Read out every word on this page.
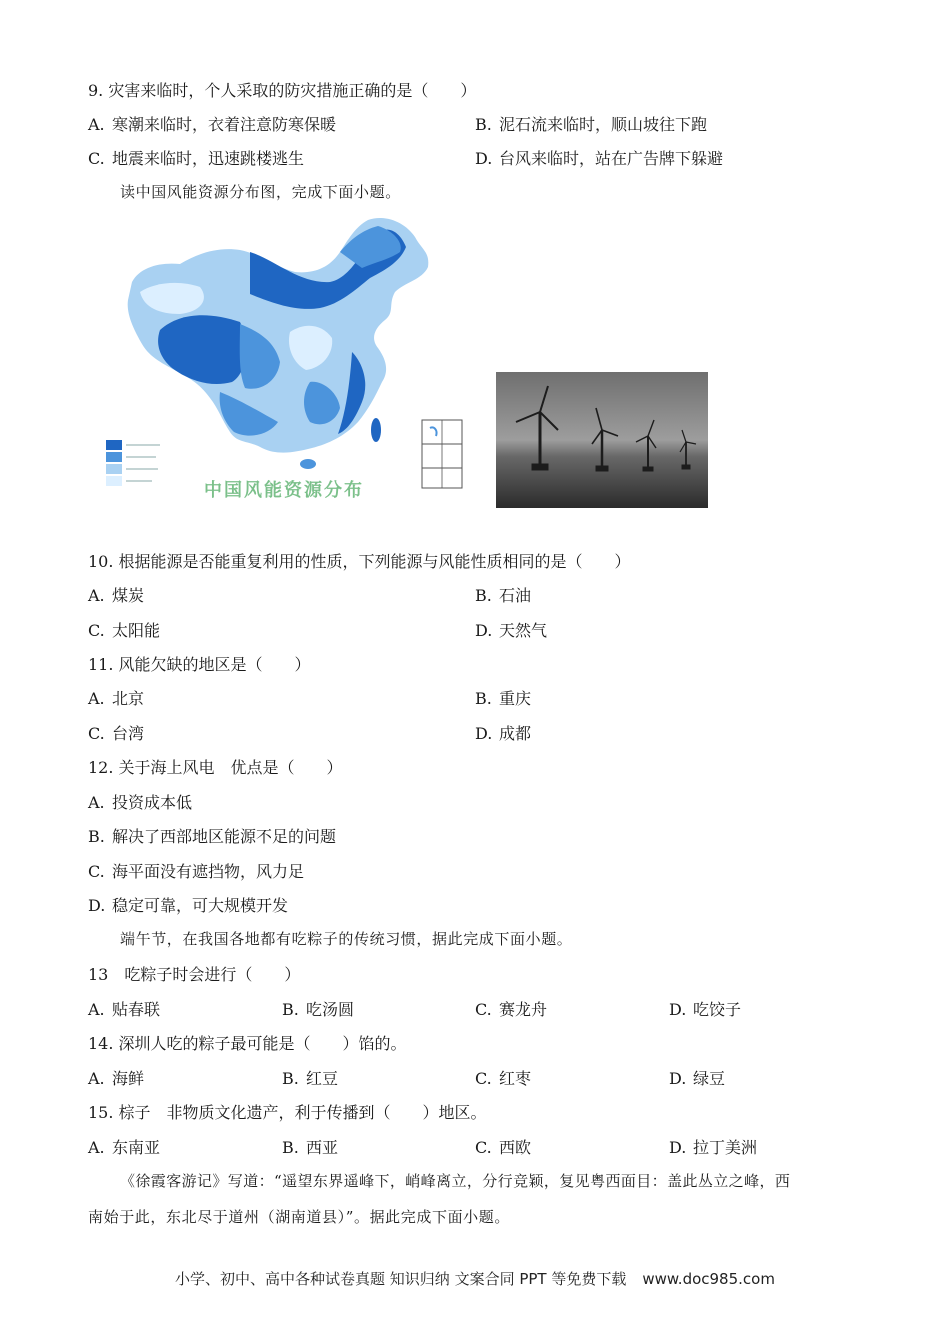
9. 灾害来临时，个人采取的防灾措施正确的是（　　）
A. 寒潮来临时，衣着注意防寒保暖	B. 泥石流来临时，顺山坡往下跑
C. 地震来临时，迅速跳楼逃生	D. 台风来临时，站在广告牌下躲避
读中国风能资源分布图，完成下面小题。
中国风能资源分布
10. 根据能源是否能重复利用的性质，下列能源与风能性质相同的是（　　）
A. 煤炭	B. 石油
C. 太阳能	D. 天然气
11. 风能欠缺的地区是（　　）
A. 北京	B. 重庆
C. 台湾	D. 成都
12. 关于海上风电　优点是（　　）
A. 投资成本低
B. 解决了西部地区能源不足的问题
C. 海平面没有遮挡物，风力足
D. 稳定可靠，可大规模开发
端午节，在我国各地都有吃粽子的传统习惯，据此完成下面小题。
13　吃粽子时会进行（　　）
A. 贴春联	B. 吃汤圆	C. 赛龙舟	D. 吃饺子
14. 深圳人吃的粽子最可能是（　　）馅的。
A. 海鲜	B. 红豆	C. 红枣	D. 绿豆
15. 棕子　非物质文化遗产，利于传播到（　　）地区。
A. 东南亚	B. 西亚	C. 西欧	D. 拉丁美洲
《徐霞客游记》写道：“遥望东界遥峰下，峭峰离立，分行竞颖，复见粤西面目：盖此丛立之峰，西
南始于此，东北尽于道州（湖南道县）”。据此完成下面小题。
小学、初中、高中各种试卷真题 知识归纳 文案合同 PPT 等免费下载 www.doc985.com
